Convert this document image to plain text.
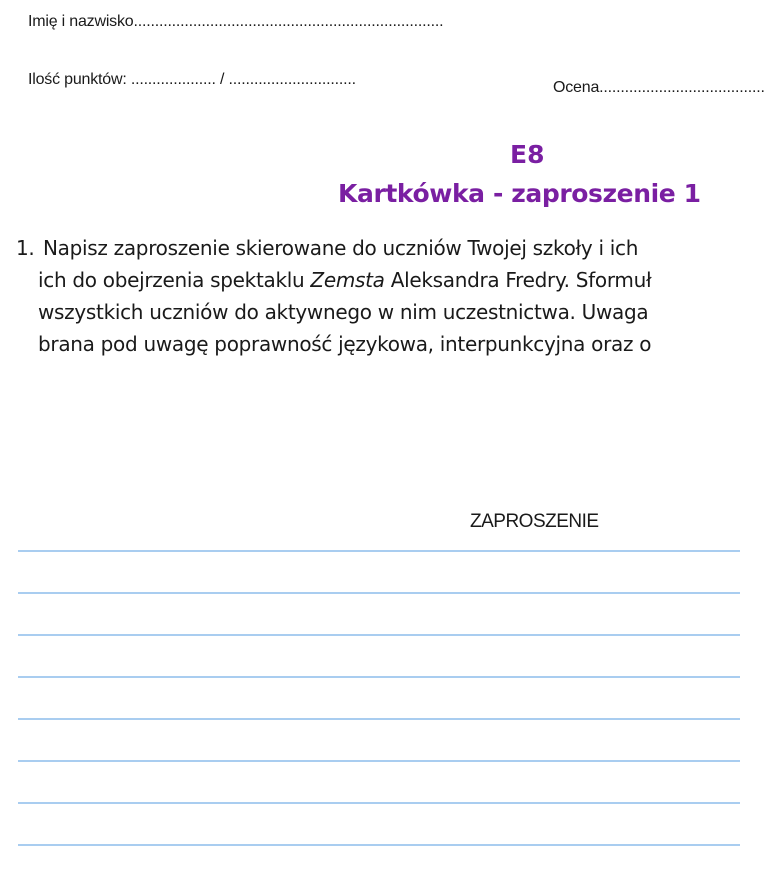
Imię i nazwisko.........................................................................
Ilość punktów: .................... / ..............................	Ocena.......................................
E8
Kartkówka - zaproszenie 1
1. Napisz zaproszenie skierowane do uczniów Twojej szkoły i ich
ich do obejrzenia spektaklu Zemsta Aleksandra Fredry. Sformuł
wszystkich uczniów do aktywnego w nim uczestnictwa. Uwaga
brana pod uwagę poprawność językowa, interpunkcyjna oraz o
ZAPROSZENIE
